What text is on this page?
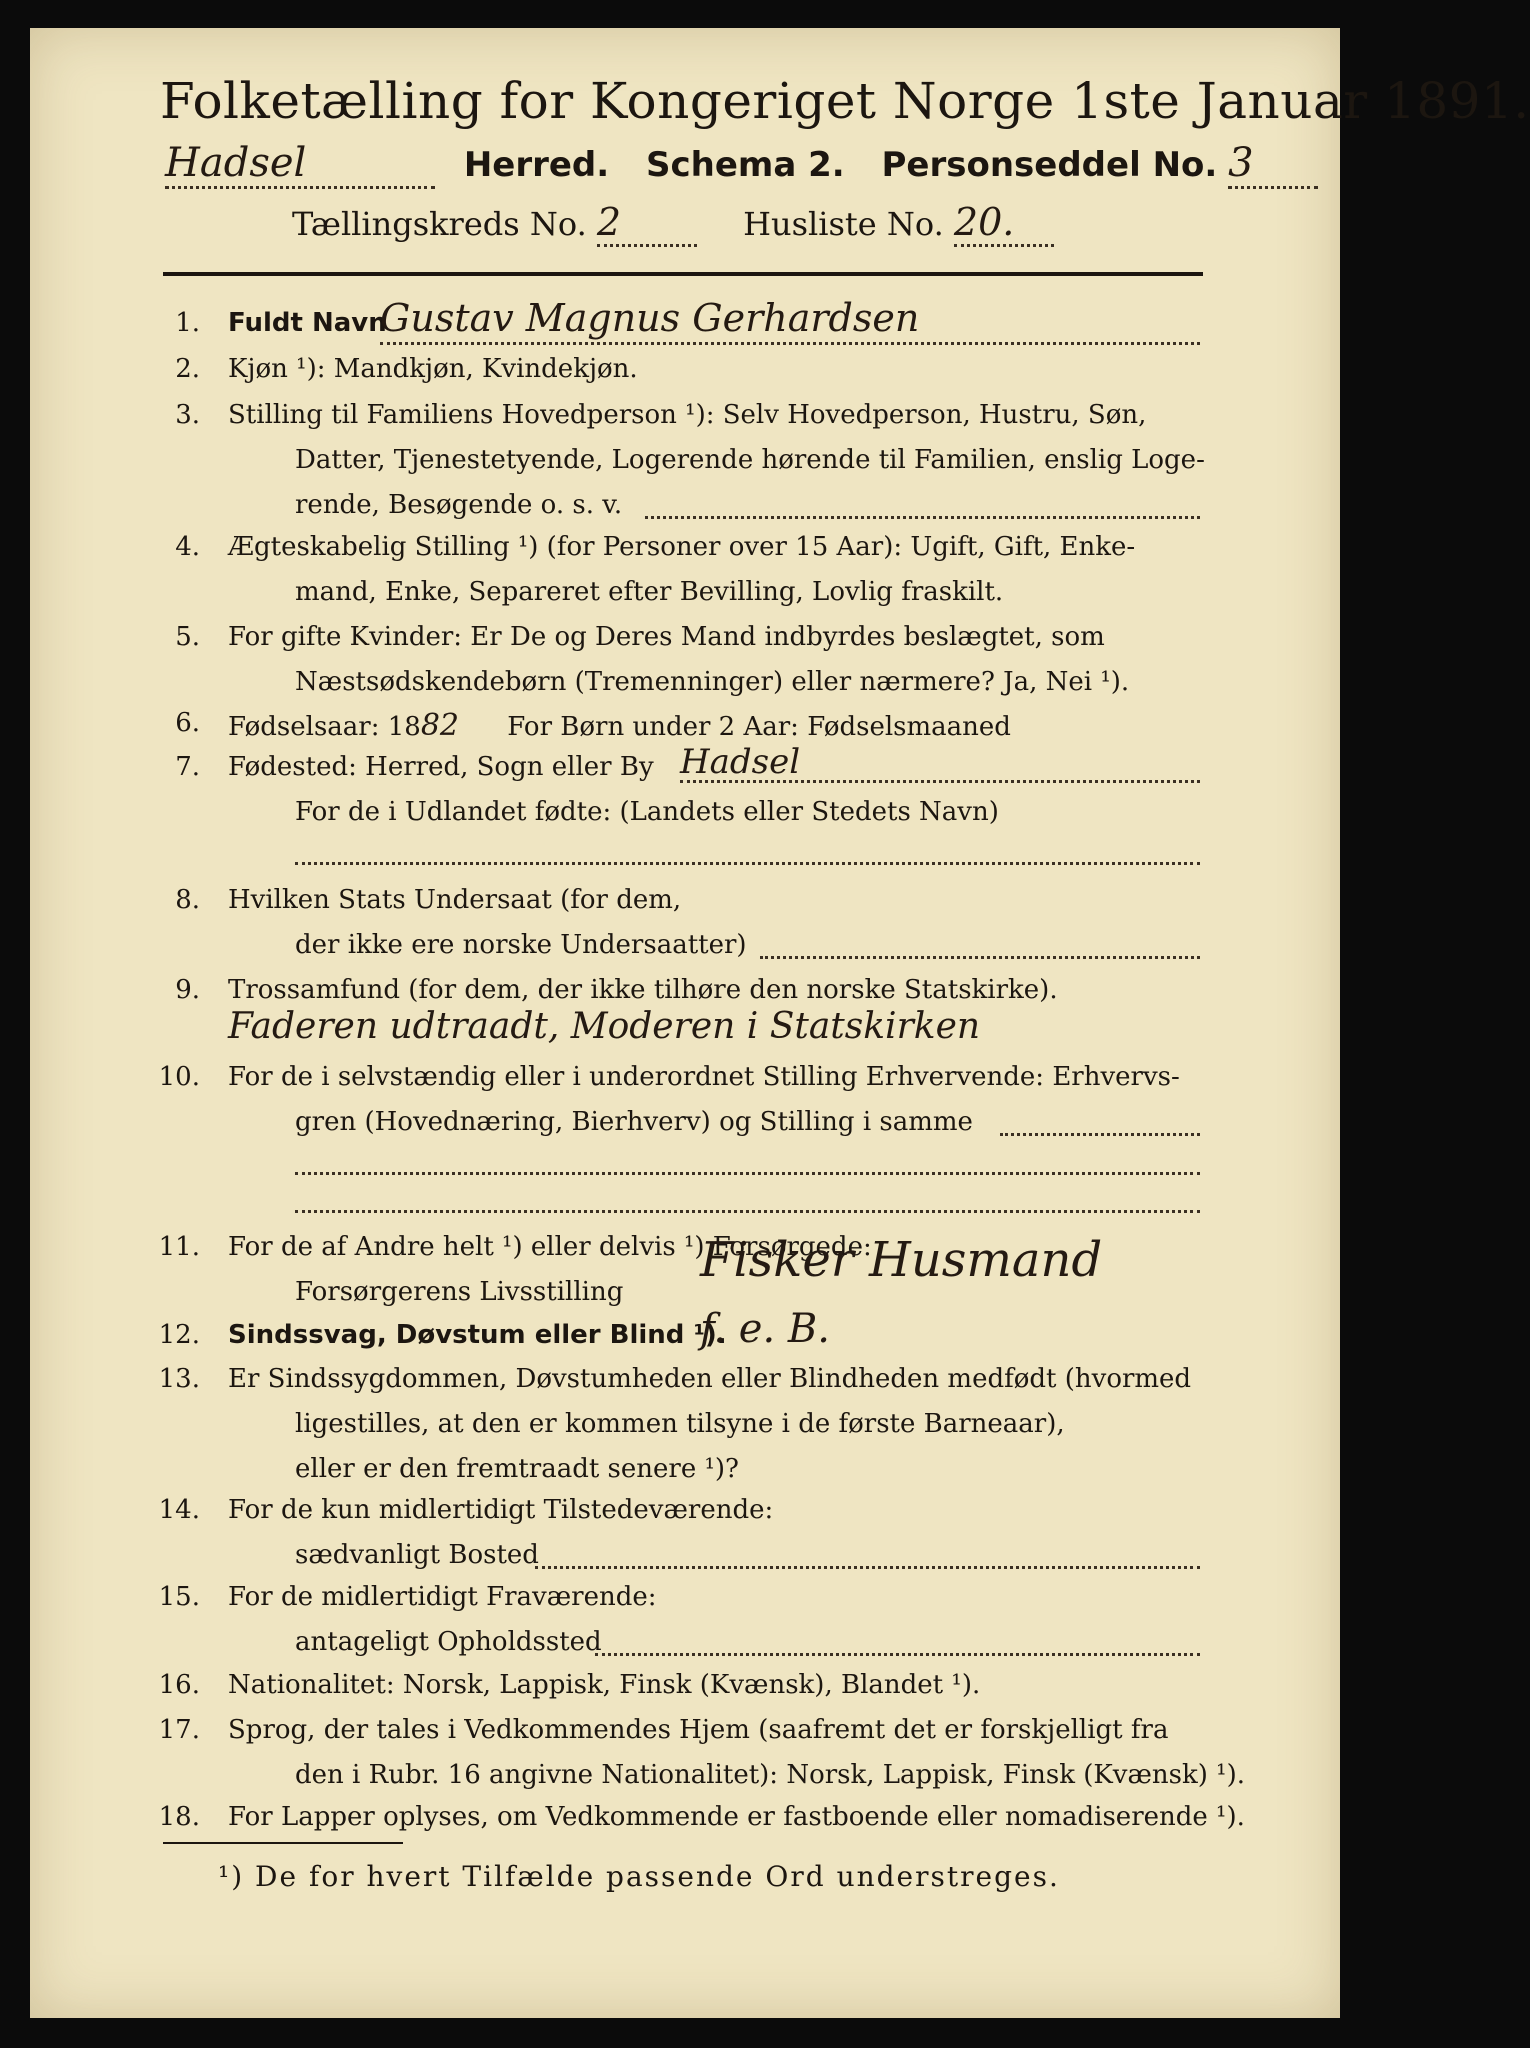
Folketælling for Kongeriget Norge 1ste Januar 1891.
Hadsel	Herred. Schema 2. Personseddel No. 3
Tællingskreds No. 2	Husliste No. 20.
1. Fuldt Navn
Gustav Magnus Gerhardsen
2. Kjøn ¹): Mandkjøn, Kvindekjøn.
3. Stilling til Familiens Hovedperson ¹): Selv Hovedperson, Hustru, Søn,
Datter, Tjenestetyende, Logerende hørende til Familien, enslig Loge-
rende, Besøgende o. s. v.
4. Ægteskabelig Stilling ¹) (for Personer over 15 Aar): Ugift, Gift, Enke-
mand, Enke, Separeret efter Bevilling, Lovlig fraskilt.
5. For gifte Kvinder: Er De og Deres Mand indbyrdes beslægtet, som
Næstsødskendebørn (Tremenninger) eller nærmere? Ja, Nei ¹).
6. Fødselsaar: 1882 For Børn under 2 Aar: Fødselsmaaned
7. Fødested: Herred, Sogn eller By Hadsel
For de i Udlandet fødte: (Landets eller Stedets Navn)
8. Hvilken Stats Undersaat (for dem,
der ikke ere norske Undersaatter)
9. Trossamfund (for dem, der ikke tilhøre den norske Statskirke).
Faderen udtraadt, Moderen i Statskirken
10. For de i selvstændig eller i underordnet Stilling Erhvervende: Erhvervs-
gren (Hovednæring, Bierhverv) og Stilling i samme
11. For de af Andre helt ¹) eller delvis ¹) Forsørgede:
Forsørgerens Livsstilling
Fisker Husmand
12. Sindssvag, Døvstum eller Blind ¹).
f. e. B.
13. Er Sindssygdommen, Døvstumheden eller Blindheden medfødt (hvormed
ligestilles, at den er kommen tilsyne i de første Barneaar),
eller er den fremtraadt senere ¹)?
14. For de kun midlertidigt Tilstedeværende:
sædvanligt Bosted
15. For de midlertidigt Fraværende:
antageligt Opholdssted
16. Nationalitet: Norsk, Lappisk, Finsk (Kvænsk), Blandet ¹).
17. Sprog, der tales i Vedkommendes Hjem (saafremt det er forskjelligt fra
den i Rubr. 16 angivne Nationalitet): Norsk, Lappisk, Finsk (Kvænsk) ¹).
18. For Lapper oplyses, om Vedkommende er fastboende eller nomadiserende ¹).
¹) De for hvert Tilfælde passende Ord understreges.
